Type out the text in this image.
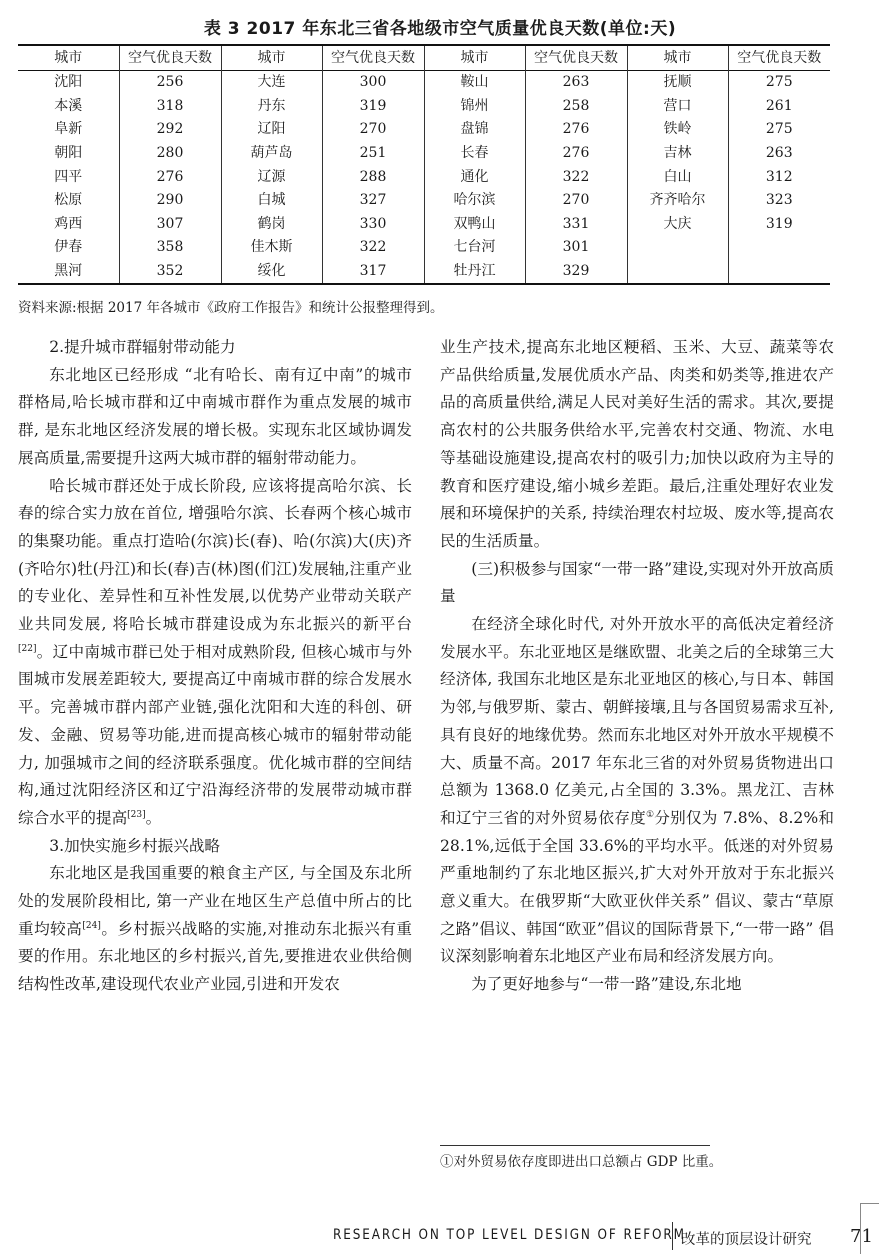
表 3 2017 年东北三省各地级市空气质量优良天数(单位:天)
城市	空气优良天数	城市	空气优良天数	城市	空气优良天数	城市	空气优良天数
沈阳	256	大连	300	鞍山	263	抚顺	275
本溪	318	丹东	319	锦州	258	营口	261
阜新	292	辽阳	270	盘锦	276	铁岭	275
朝阳	280	葫芦岛	251	长春	276	吉林	263
四平	276	辽源	288	通化	322	白山	312
松原	290	白城	327	哈尔滨	270	齐齐哈尔	323
鸡西	307	鹤岗	330	双鸭山	331	大庆	319
伊春	358	佳木斯	322	七台河	301		
黑河	352	绥化	317	牡丹江	329		
资料来源:根据 2017 年各城市《政府工作报告》和统计公报整理得到。
2.提升城市群辐射带动能力

东北地区已经形成 “北有哈长、南有辽中南”的城市群格局,哈长城市群和辽中南城市群作为重点发展的城市群, 是东北地区经济发展的增长极。实现东北区域协调发展高质量,需要提升这两大城市群的辐射带动能力。

哈长城市群还处于成长阶段, 应该将提高哈尔滨、长春的综合实力放在首位, 增强哈尔滨、长春两个核心城市的集聚功能。重点打造哈(尔滨)长(春)、哈(尔滨)大(庆)齐(齐哈尔)牡(丹江)和长(春)吉(林)图(们江)发展轴,注重产业的专业化、差异性和互补性发展,以优势产业带动关联产业共同发展, 将哈长城市群建设成为东北振兴的新平台[22]。辽中南城市群已处于相对成熟阶段, 但核心城市与外围城市发展差距较大, 要提高辽中南城市群的综合发展水平。完善城市群内部产业链,强化沈阳和大连的科创、研发、金融、贸易等功能,进而提高核心城市的辐射带动能力, 加强城市之间的经济联系强度。优化城市群的空间结构,通过沈阳经济区和辽宁沿海经济带的发展带动城市群综合水平的提高[23]。

3.加快实施乡村振兴战略

东北地区是我国重要的粮食主产区, 与全国及东北所处的发展阶段相比, 第一产业在地区生产总值中所占的比重均较高[24]。乡村振兴战略的实施,对推动东北振兴有重要的作用。东北地区的乡村振兴,首先,要推进农业供给侧结构性改革,建设现代农业产业园,引进和开发农

业生产技术,提高东北地区粳稻、玉米、大豆、蔬菜等农产品供给质量,发展优质水产品、肉类和奶类等,推进农产品的高质量供给,满足人民对美好生活的需求。其次,要提高农村的公共服务供给水平,完善农村交通、物流、水电等基础设施建设,提高农村的吸引力;加快以政府为主导的教育和医疗建设,缩小城乡差距。最后,注重处理好农业发展和环境保护的关系, 持续治理农村垃圾、废水等,提高农民的生活质量。

(三)积极参与国家“一带一路”建设,实现对外开放高质量

在经济全球化时代, 对外开放水平的高低决定着经济发展水平。东北亚地区是继欧盟、北美之后的全球第三大经济体, 我国东北地区是东北亚地区的核心,与日本、韩国为邻,与俄罗斯、蒙古、朝鲜接壤,且与各国贸易需求互补,具有良好的地缘优势。然而东北地区对外开放水平规模不大、质量不高。2017 年东北三省的对外贸易货物进出口总额为 1368.0 亿美元,占全国的 3.3%。黑龙江、吉林和辽宁三省的对外贸易依存度①分别仅为 7.8%、8.2%和 28.1%,远低于全国 33.6%的平均水平。低迷的对外贸易严重地制约了东北地区振兴,扩大对外开放对于东北振兴意义重大。在俄罗斯“大欧亚伙伴关系” 倡议、蒙古“草原之路”倡议、韩国“欧亚”倡议的国际背景下,“一带一路” 倡议深刻影响着东北地区产业布局和经济发展方向。

为了更好地参与“一带一路”建设,东北地

①对外贸易依存度即进出口总额占 GDP 比重。
RESEARCH ON TOP LEVEL DESIGN OF REFORM
改革的顶层设计研究 71
